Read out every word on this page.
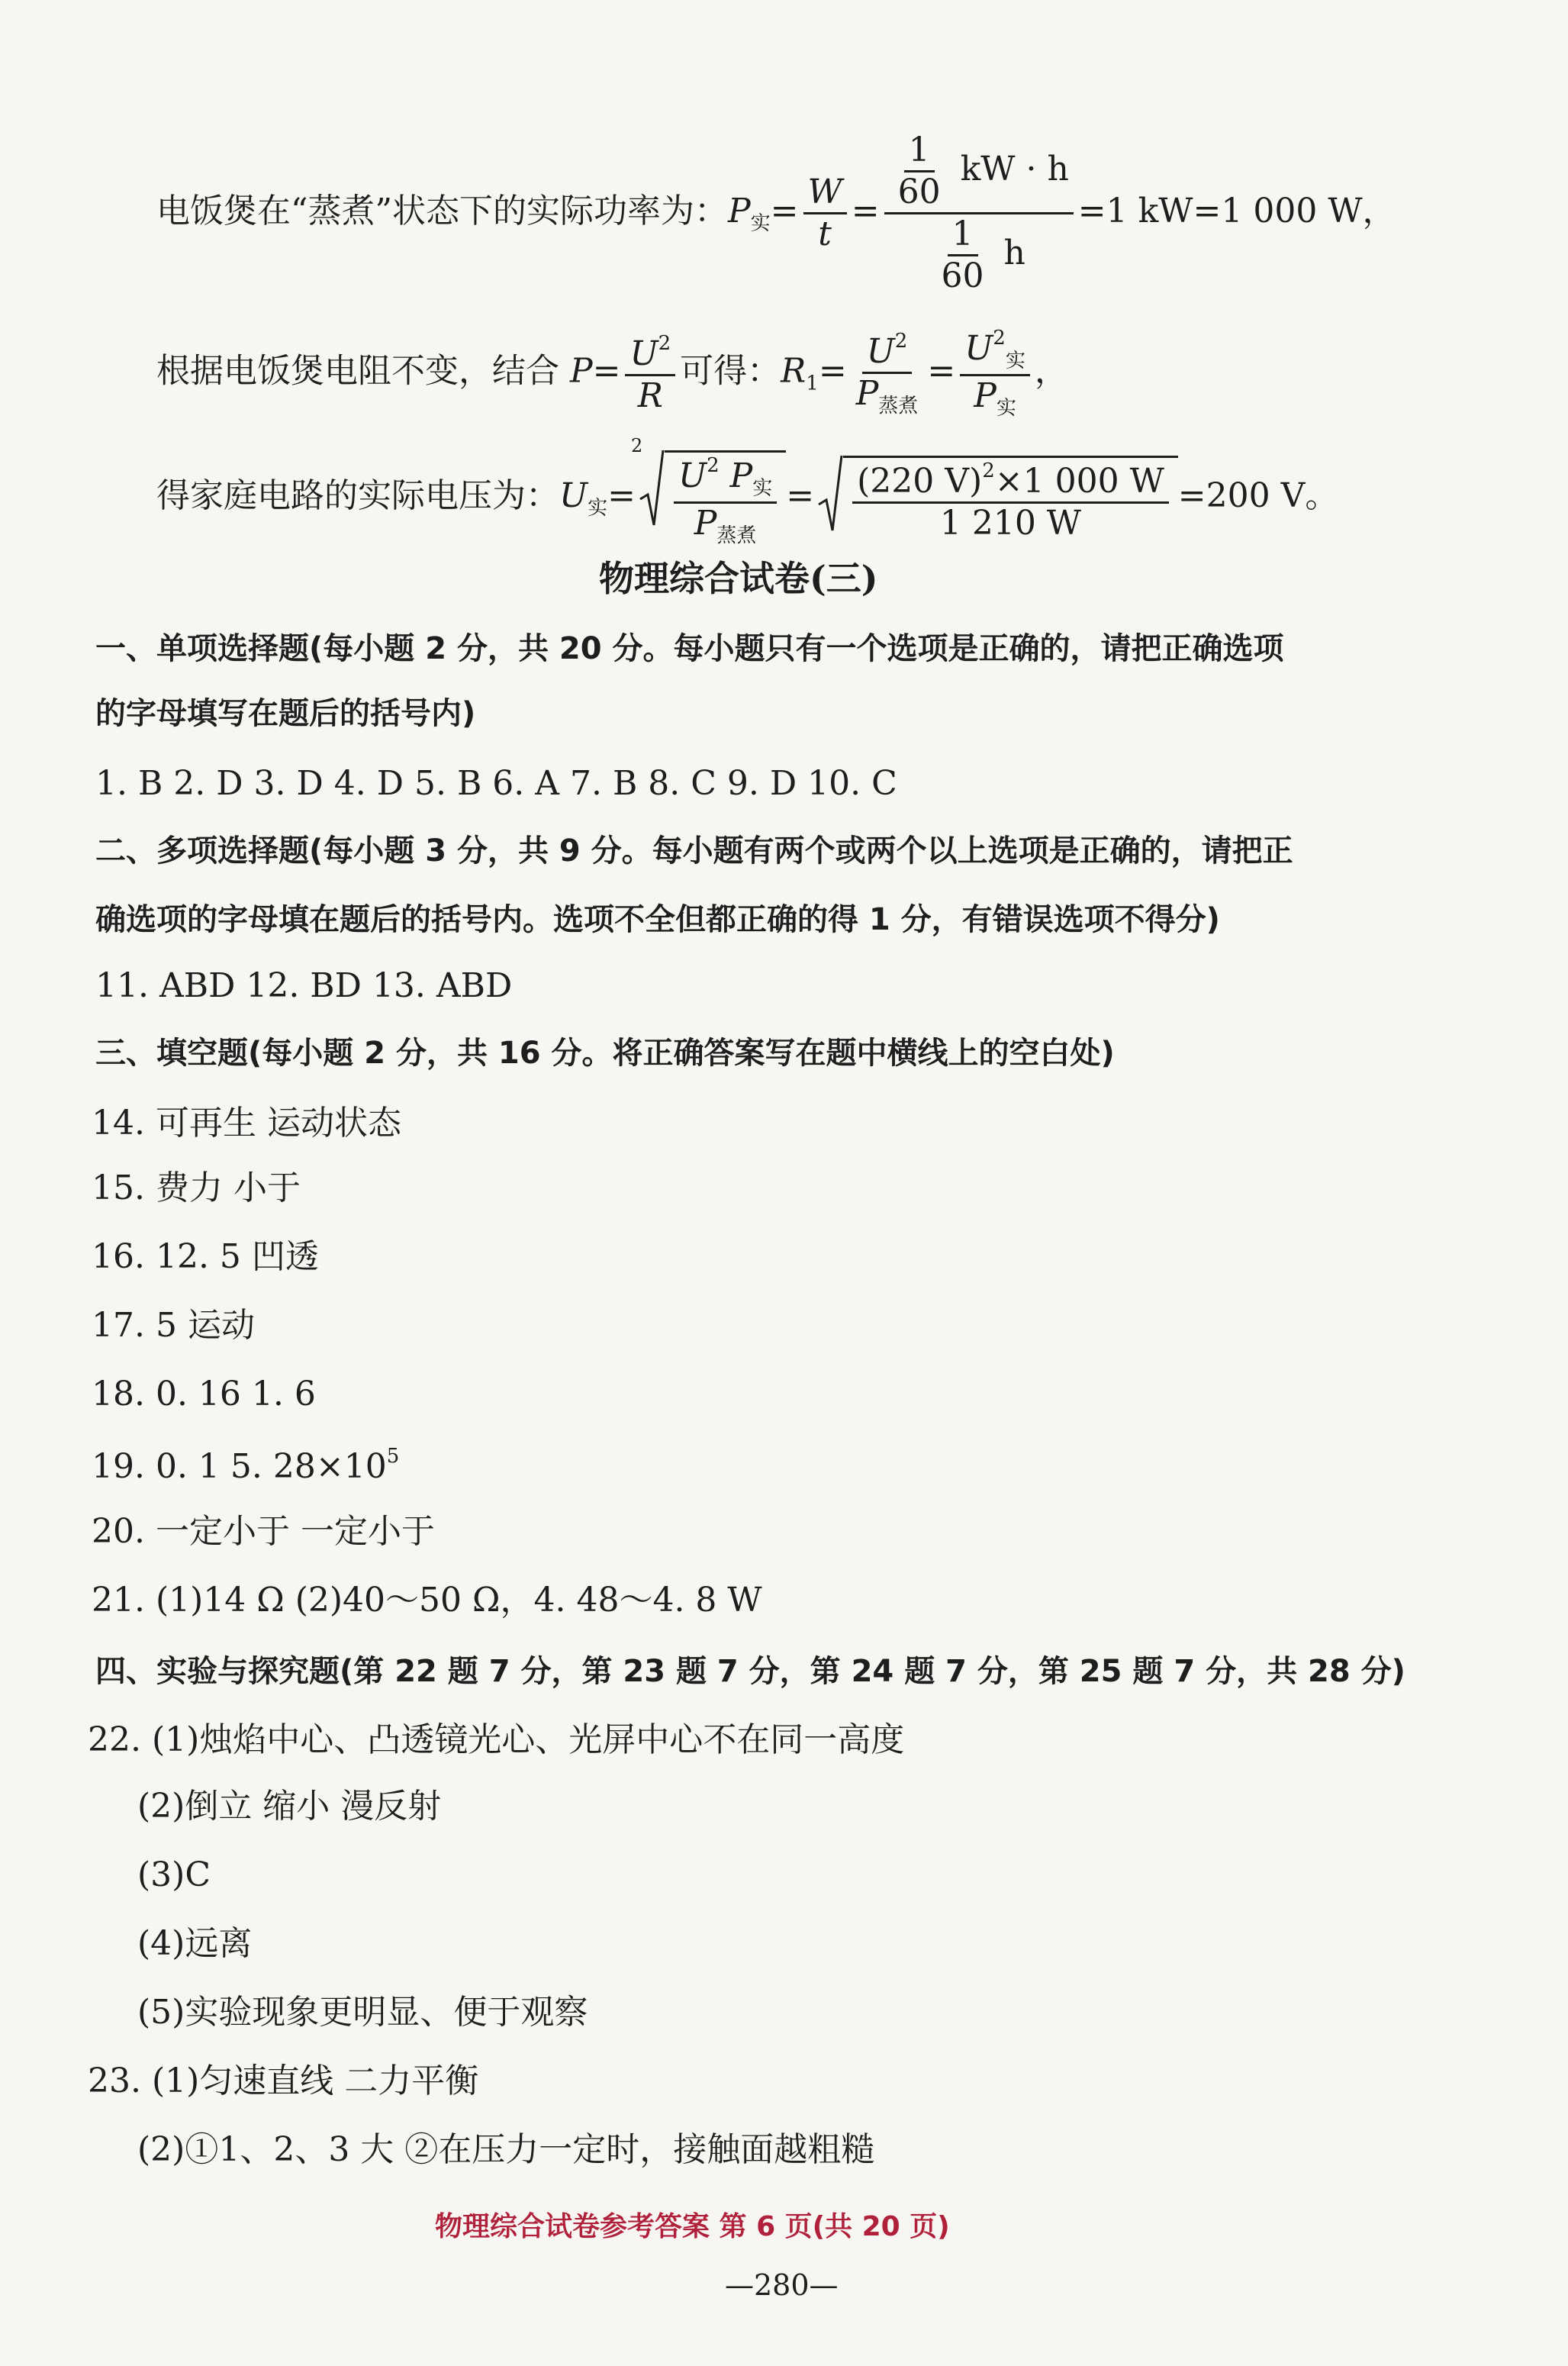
电饭煲在“蒸煮”状态下的实际功率为：$P_实= \frac{W}{t} = \frac{\frac{1}{60} kW \cdot h}{\frac{1}{60} h} =1$ kW=1 000 W，
根据电饭煲电阻不变，结合 $P= \frac{U^2}{R}$ 可得：$R_1= \frac{U^2}{P_{蒸煮}} = \frac{U^2_实}{P_实}$ ，
得家庭电路的实际电压为：$U_实=$
2
$\frac{U^2 P_实}{P_{蒸煮}} = \frac{(220 V)^2\times 1 000 W}{1 210 W} =200$ V。
物理综合试卷(三)
一、单项选择题(每小题 2 分，共 20 分。每小题只有一个选项是正确的，请把正确选项
的字母填写在题后的括号内)
1. B 2. D 3. D 4. D 5. B 6. A 7. B 8. C 9. D 10. C
二、多项选择题(每小题 3 分，共 9 分。每小题有两个或两个以上选项是正确的，请把正
确选项的字母填在题后的括号内。选项不全但都正确的得 1 分，有错误选项不得分)
11. ABD 12. BD 13. ABD
三、填空题(每小题 2 分，共 16 分。将正确答案写在题中横线上的空白处)
14. 可再生 运动状态
15. 费力 小于
16. 12. 5 凹透
17. 5 运动
18. 0. 16 1. 6
19. 0. 1 5. $28\times 10^5$
20. 一定小于 一定小于
21. (1)14 Ω (2)40～50 Ω，4. 48～4. 8 W
四、实验与探究题(第 22 题 7 分，第 23 题 7 分，第 24 题 7 分，第 25 题 7 分，共 28 分)
22. (1)烛焰中心、凸透镜光心、光屏中心不在同一高度
(2)倒立 缩小 漫反射
(3)C
(4)远离
(5)实验现象更明显、便于观察
23. (1)匀速直线 二力平衡
(2)①1、2、3 大 ②在压力一定时，接触面越粗糙
物理综合试卷参考答案 第 6 页(共 20 页)
—280—
